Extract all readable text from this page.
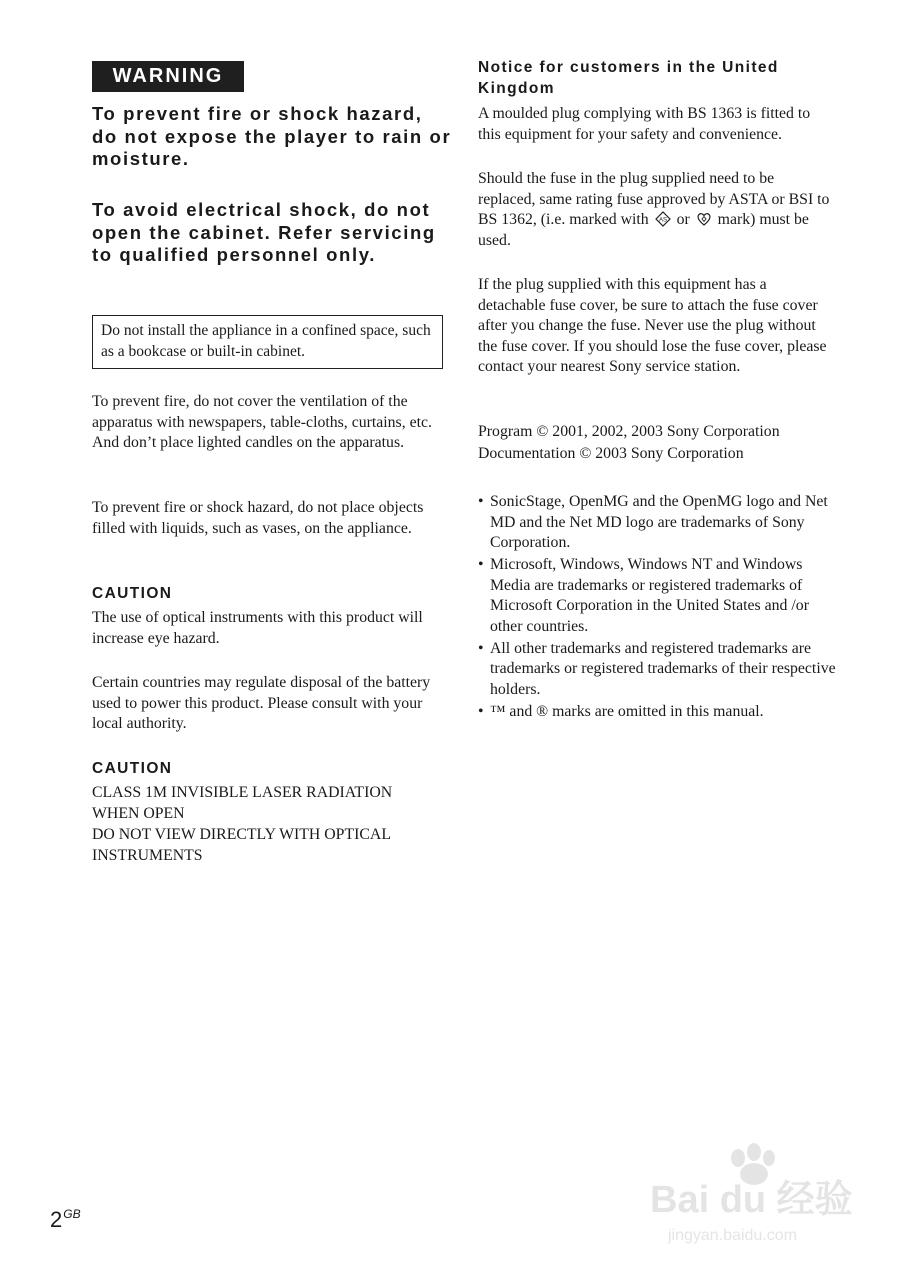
WARNING

To prevent fire or shock hazard, do not expose the player to rain or moisture.

To avoid electrical shock, do not open the cabinet. Refer servicing to qualified personnel only.

Do not install the appliance in a confined space, such as a bookcase or built-in cabinet.

To prevent fire, do not cover the ventilation of the apparatus with newspapers, table-cloths, curtains, etc. And don’t place lighted candles on the apparatus.

To prevent fire or shock hazard, do not place objects filled with liquids, such as vases, on the appliance.

CAUTION

The use of optical instruments with this product will increase eye hazard.

Certain countries may regulate disposal of the battery used to power this product. Please consult with your local authority.

CAUTION

CLASS 1M INVISIBLE LASER RADIATION WHEN OPEN

DO NOT VIEW DIRECTLY WITH OPTICAL INSTRUMENTS

Notice for customers in the United Kingdom

A moulded plug complying with BS 1363 is fitted to this equipment for your safety and convenience.

Should the fuse in the plug supplied need to be replaced, same rating fuse approved by ASTA or BSI to BS 1362, (i.e. marked with AS or mark) must be used.

If the plug supplied with this equipment has a detachable fuse cover, be sure to attach the fuse cover after you change the fuse. Never use the plug without the fuse cover. If you should lose the fuse cover, please contact your nearest Sony service station.

Program © 2001, 2002, 2003 Sony Corporation

Documentation © 2003 Sony Corporation

• SonicStage, OpenMG and the OpenMG logo and Net MD and the Net MD logo are trademarks of Sony Corporation.
• Microsoft, Windows, Windows NT and Windows Media are trademarks or registered trademarks of Microsoft Corporation in the United States and /or other countries.
• All other trademarks and registered trademarks are trademarks or registered trademarks of their respective holders.
• ™ and ® marks are omitted in this manual.
$2^{GB}$	Bai du 经验
jingyan.baidu.com
